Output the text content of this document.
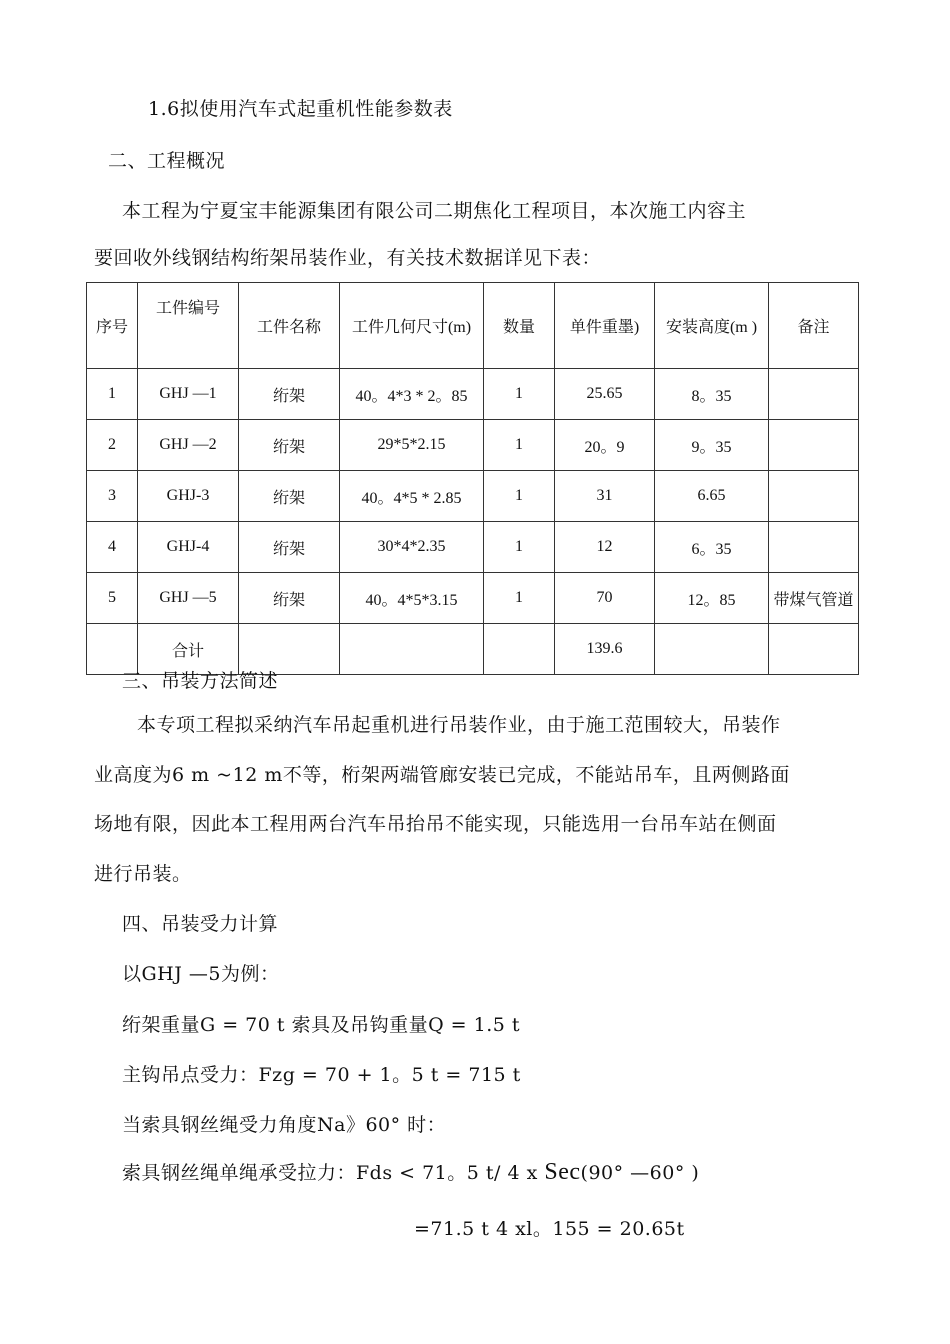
1.6拟使用汽车式起重机性能参数表
二、工程概况
本工程为宁夏宝丰能源集团有限公司二期焦化工程项目，本次施工内容主
要回收外线钢结构绗架吊装作业，有关技术数据详见下表：
序号	工件编号	工件名称	工件几何尺寸(m)	数量	单件重墨)	安装高度(m )	备注
1	GHJ —1	绗架	40。4*3 * 2。85	1	25.65	8。35	
2	GHJ —2	绗架	29*5*2.15	1	20。9	9。35	
3	GHJ-3	绗架	40。4*5 * 2.85	1	31	6.65	
4	GHJ-4	绗架	30*4*2.35	1	12	6。35	
5	GHJ —5	绗架	40。4*5*3.15	1	70	12。85	带煤气管道
	合计				139.6		
三、吊装方法简述
本专项工程拟采纳汽车吊起重机进行吊装作业，由于施工范围较大，吊装作
业高度为6 m ~12 m不等，桁架两端管廊安装已完成，不能站吊车，且两侧路面
场地有限，因此本工程用两台汽车吊抬吊不能实现，只能选用一台吊车站在侧面
进行吊装。
四、吊装受力计算
以GHJ —5为例：
绗架重量G = 70 t 索具及吊钩重量Q = 1.5 t
主钩吊点受力：Fzg = 70 + 1。5 t = 715 t
当索具钢丝绳受力角度Na》60° 时：
索具钢丝绳单绳承受拉力：Fds < 71。5 t/ 4 x Sec(90° —60° )
=71.5 t 4 xl。155 = 20.65t
